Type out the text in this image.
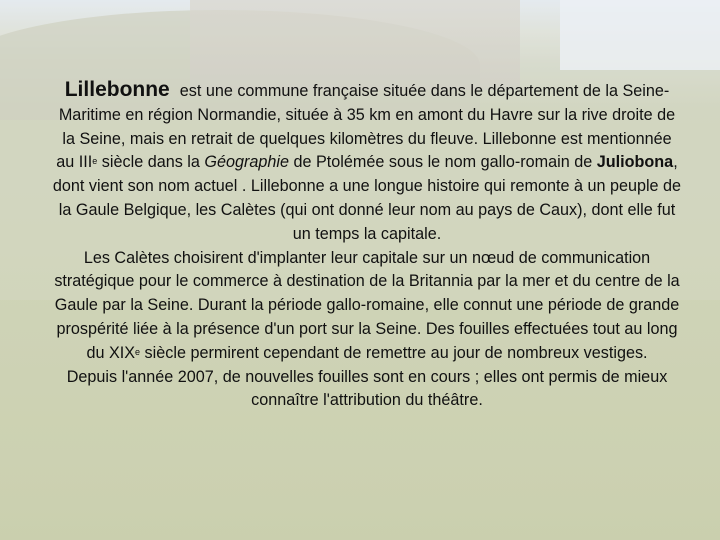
Lillebonne est une commune française située dans le département de la Seine-Maritime en région Normandie, située à 35 km en amont du Havre sur la rive droite de la Seine, mais en retrait de quelques kilomètres du fleuve. Lillebonne est mentionnée au IIIe siècle dans la Géographie de Ptolémée sous le nom gallo-romain de Juliobona, dont vient son nom actuel . Lillebonne a une longue histoire qui remonte à un peuple de la Gaule Belgique, les Calètes (qui ont donné leur nom au pays de Caux), dont elle fut un temps la capitale.

Les Calètes choisirent d'implanter leur capitale sur un nœud de communication stratégique pour le commerce à destination de la Britannia par la mer et du centre de la Gaule par la Seine. Durant la période gallo-romaine, elle connut une période de grande prospérité liée à la présence d'un port sur la Seine. Des fouilles effectuées tout au long du XIXe siècle permirent cependant de remettre au jour de nombreux vestiges.

Depuis l'année 2007, de nouvelles fouilles sont en cours ; elles ont permis de mieux connaître l'attribution du théâtre.
